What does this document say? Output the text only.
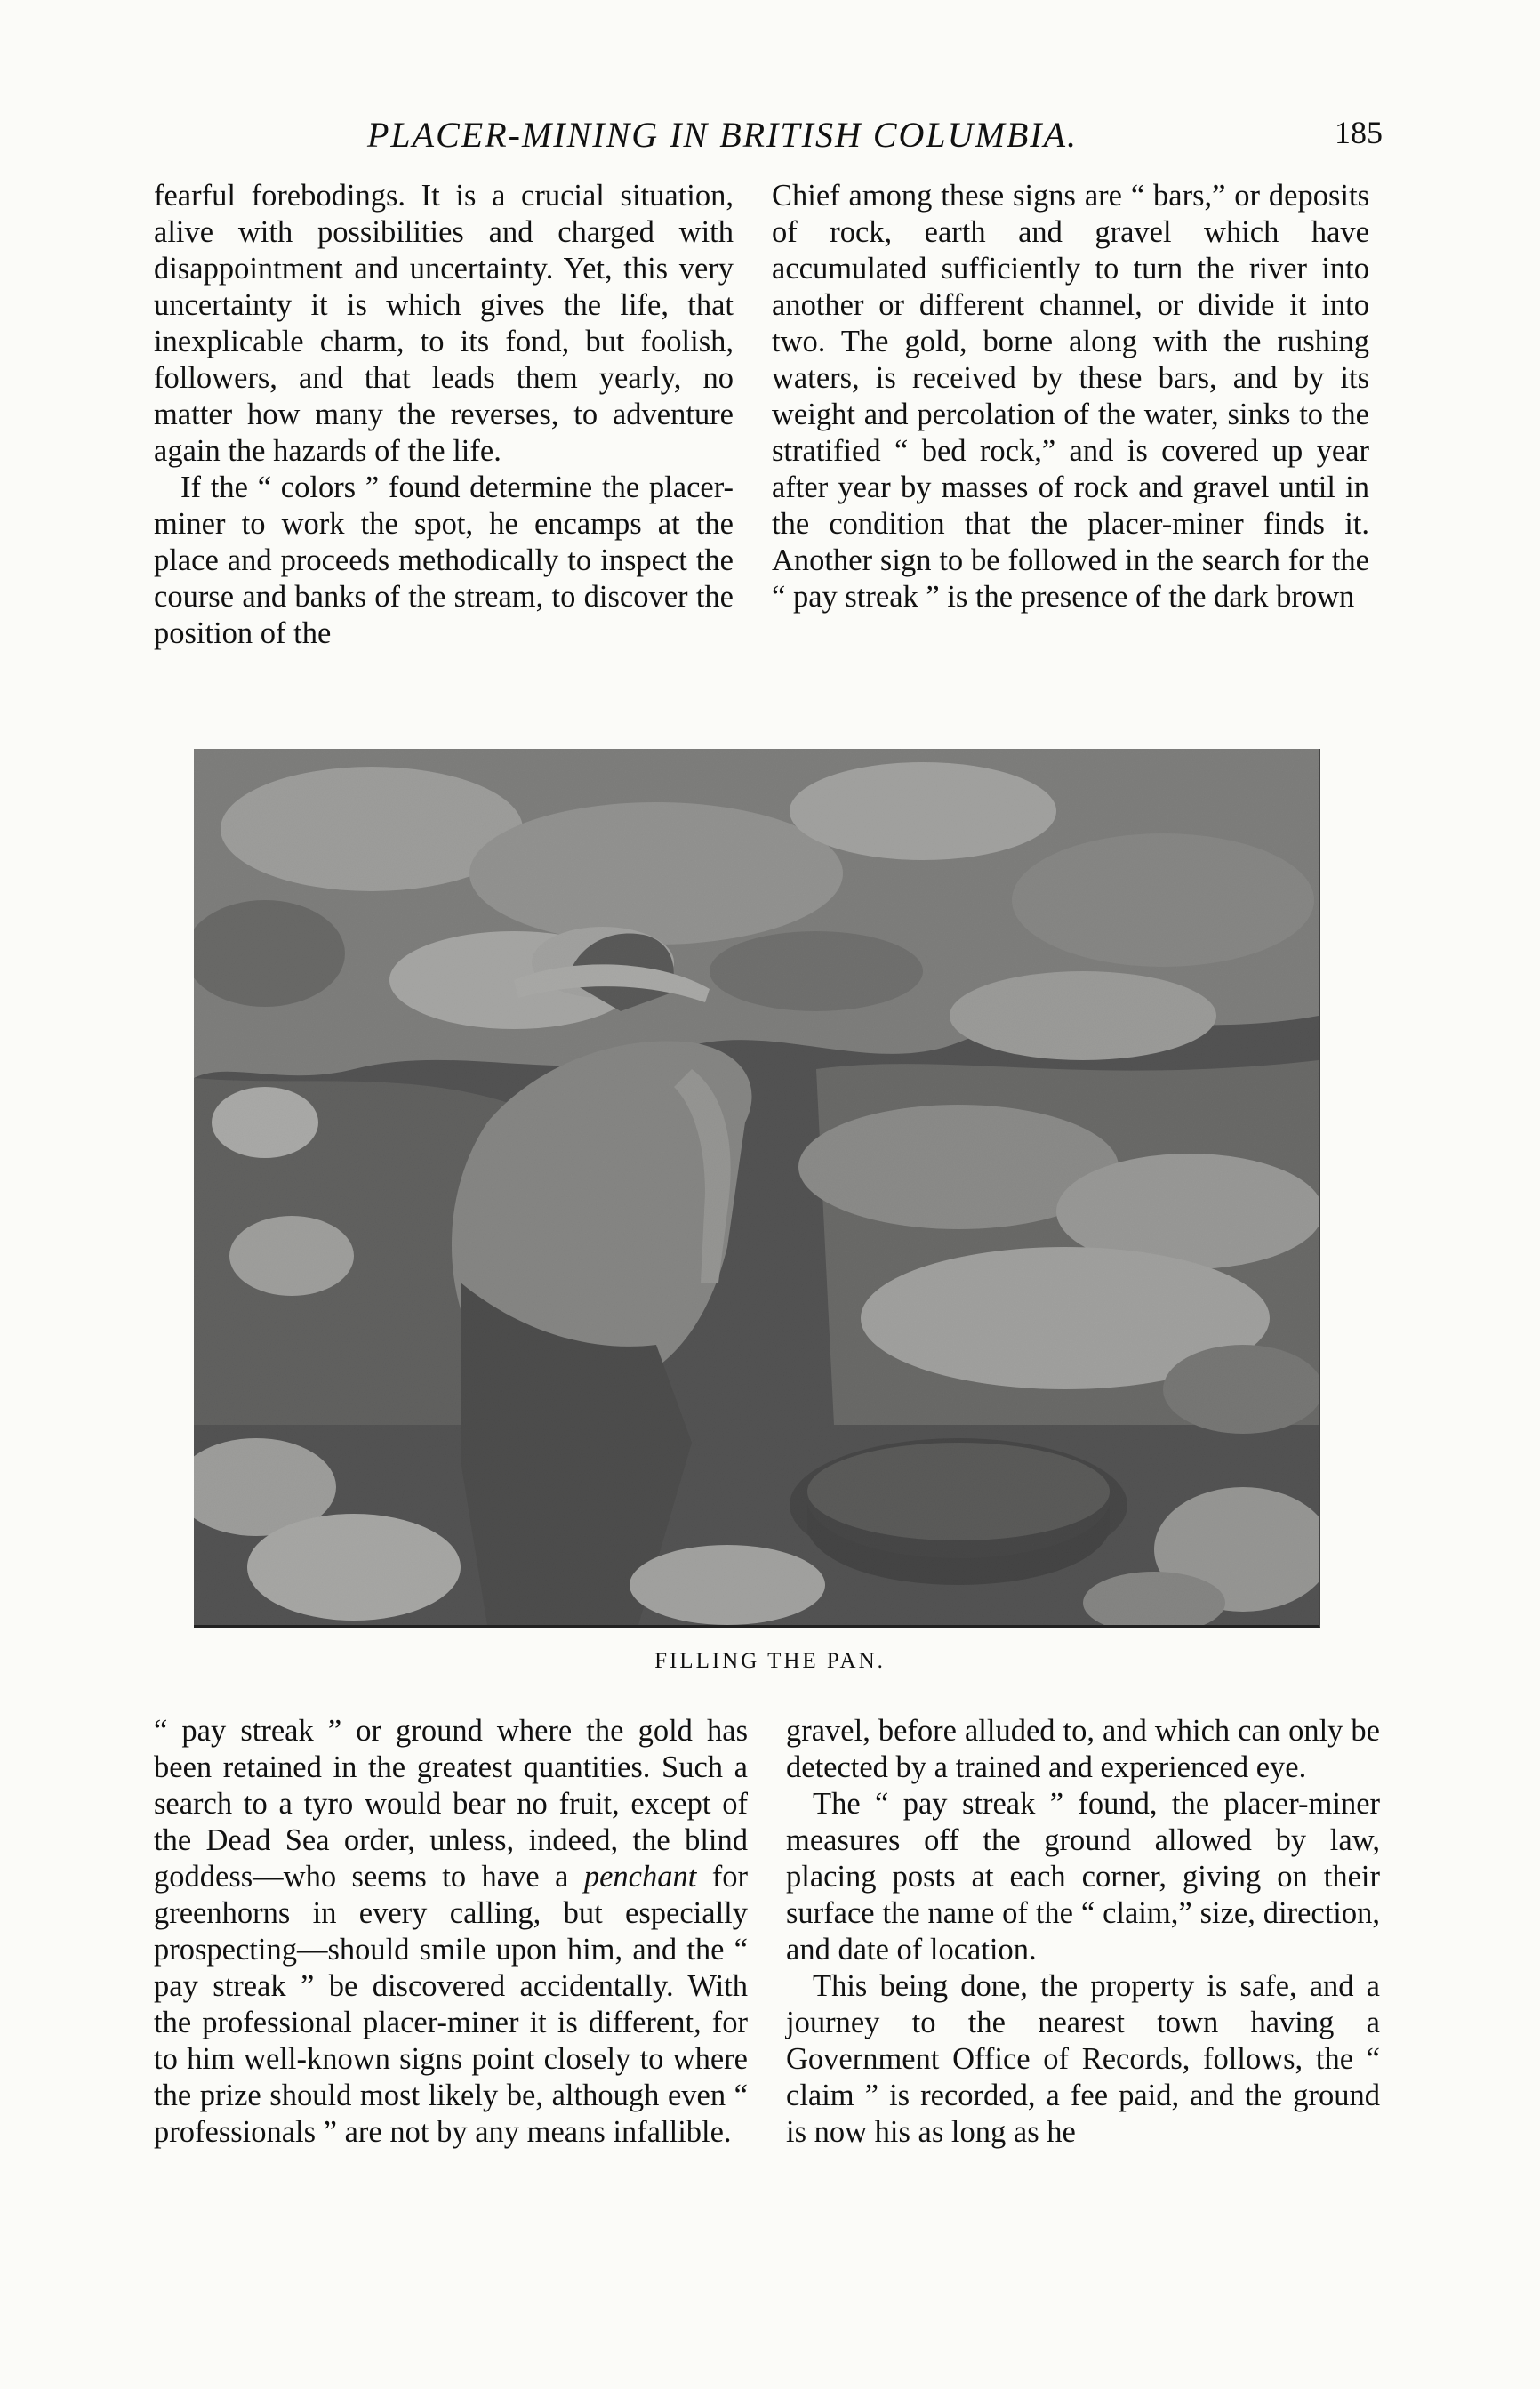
PLACER-MINING IN BRITISH COLUMBIA.	185

fearful forebodings. It is a crucial situation, alive with possibilities and charged with disappointment and uncertainty. Yet, this very uncertainty it is which gives the life, that inexplicable charm, to its fond, but foolish, followers, and that leads them yearly, no matter how many the reverses, to adventure again the hazards of the life.

If the “ colors ” found determine the placer-miner to work the spot, he encamps at the place and proceeds methodically to inspect the course and banks of the stream, to discover the position of the

Chief among these signs are “ bars,” or deposits of rock, earth and gravel which have accumulated sufficiently to turn the river into another or different channel, or divide it into two. The gold, borne along with the rushing waters, is received by these bars, and by its weight and percolation of the water, sinks to the stratified “ bed rock,” and is covered up year after year by masses of rock and gravel until in the condition that the placer-miner finds it. Another sign to be followed in the search for the “ pay streak ” is the presence of the dark brown

FILLING THE PAN.

“ pay streak ” or ground where the gold has been retained in the greatest quantities. Such a search to a tyro would bear no fruit, except of the Dead Sea order, unless, indeed, the blind goddess—who seems to have a penchant for greenhorns in every calling, but especially prospecting—should smile upon him, and the “ pay streak ” be discovered accidentally. With the professional placer-miner it is different, for to him well-known signs point closely to where the prize should most likely be, although even “ professionals ” are not by any means infallible.

gravel, before alluded to, and which can only be detected by a trained and experienced eye.

The “ pay streak ” found, the placer-miner measures off the ground allowed by law, placing posts at each corner, giving on their surface the name of the “ claim,” size, direction, and date of location.

This being done, the property is safe, and a journey to the nearest town having a Government Office of Records, follows, the “ claim ” is recorded, a fee paid, and the ground is now his as long as he
